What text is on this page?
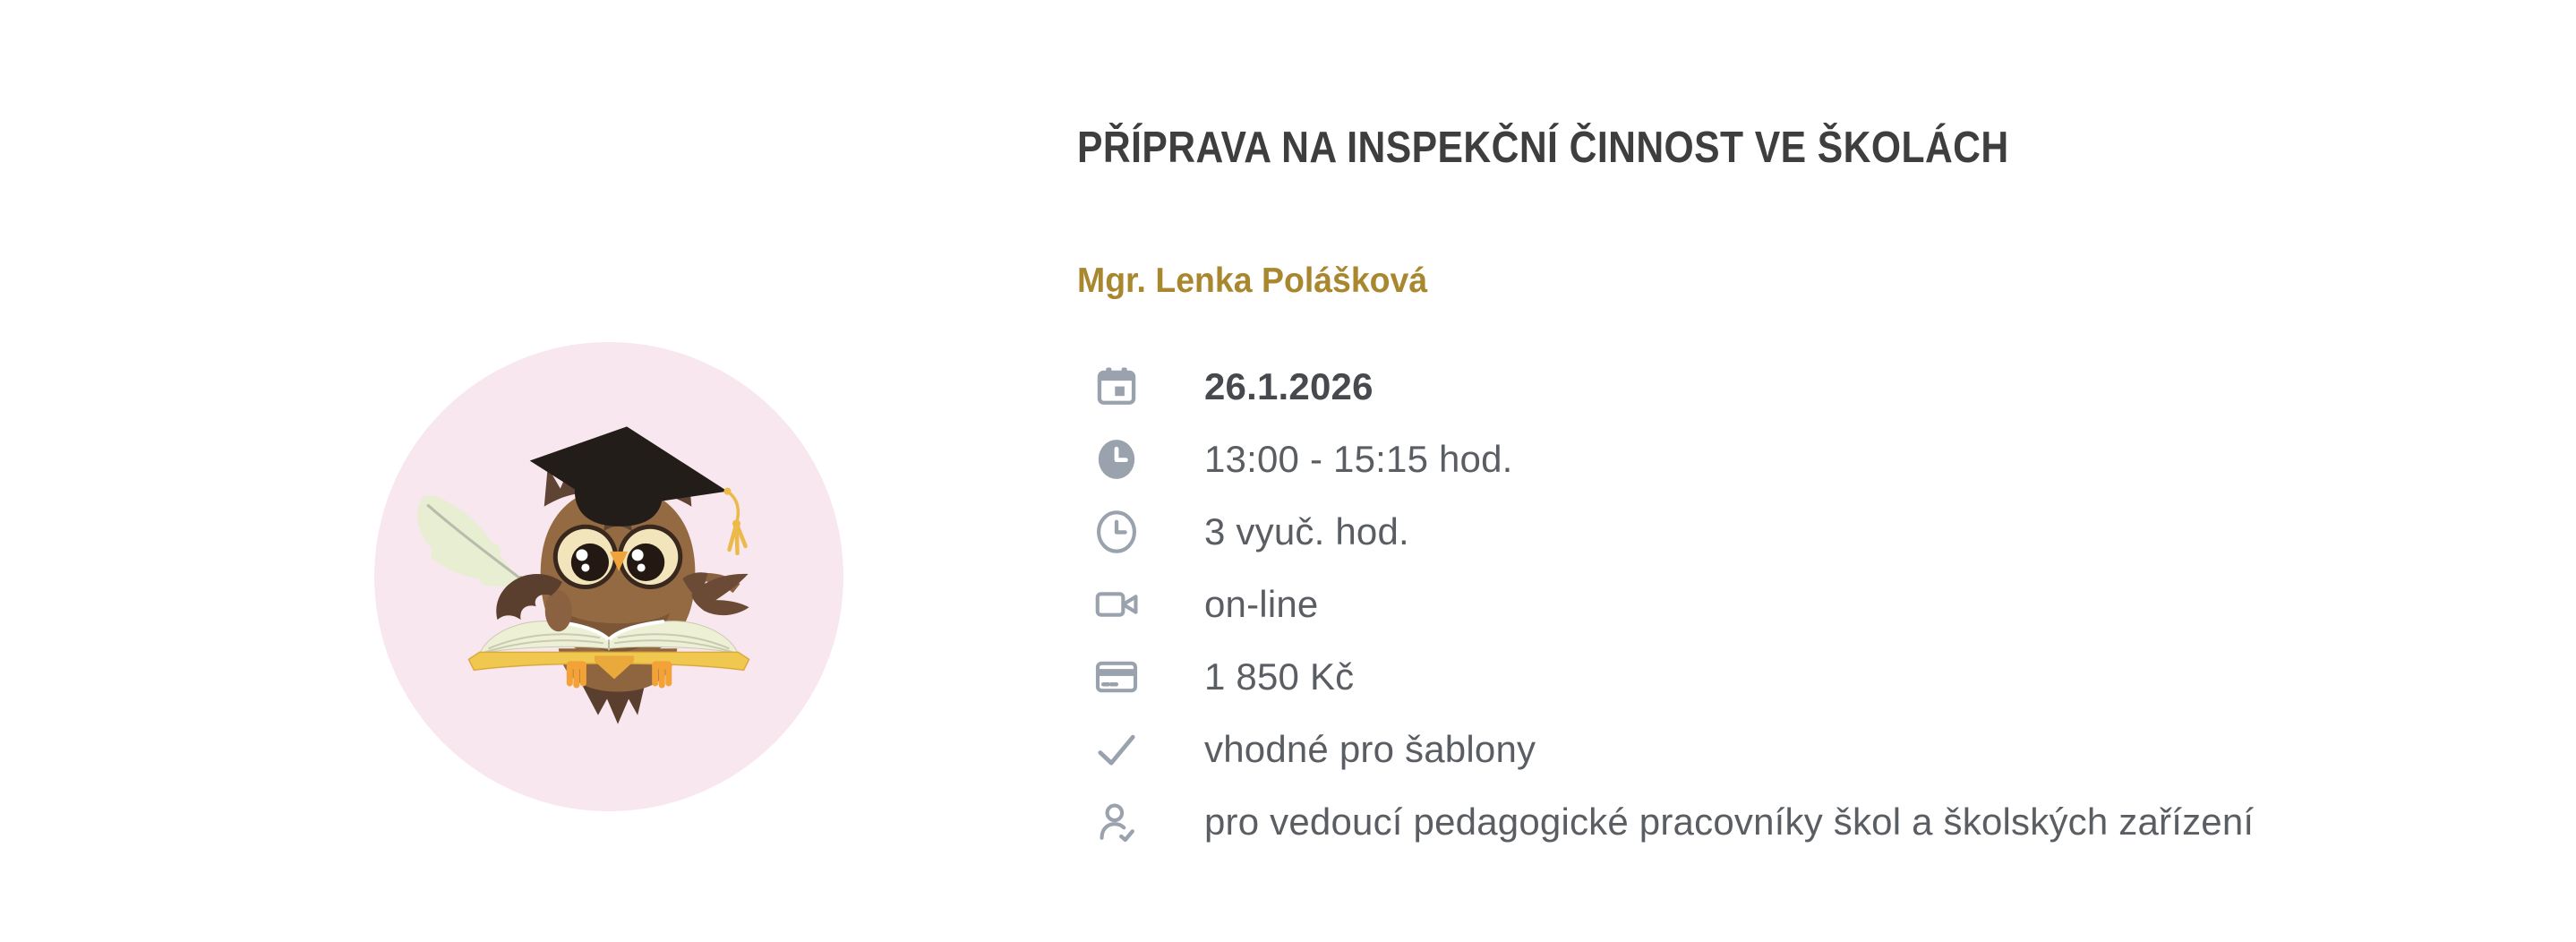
PŘÍPRAVA NA INSPEKČNÍ ČINNOST VE ŠKOLÁCH
Mgr. Lenka Polášková
26.1.2026
13:00 - 15:15 hod.
3 vyuč. hod.
on-line
1 850 Kč
vhodné pro šablony
pro vedoucí pedagogické pracovníky škol a školských zařízení
